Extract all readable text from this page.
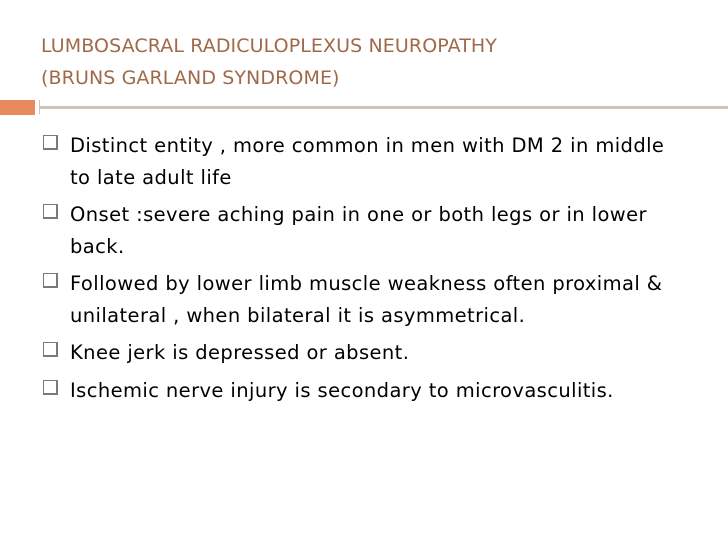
LUMBOSACRAL RADICULOPLEXUS NEUROPATHY
(BRUNS GARLAND SYNDROME)
Distinct entity , more common in men with DM 2 in middle to late adult life
Onset :severe aching pain in one or both legs or in lower back.
Followed by lower limb muscle weakness often proximal & unilateral , when bilateral it is asymmetrical.
Knee jerk is depressed or absent.
Ischemic nerve injury is secondary to microvasculitis.
